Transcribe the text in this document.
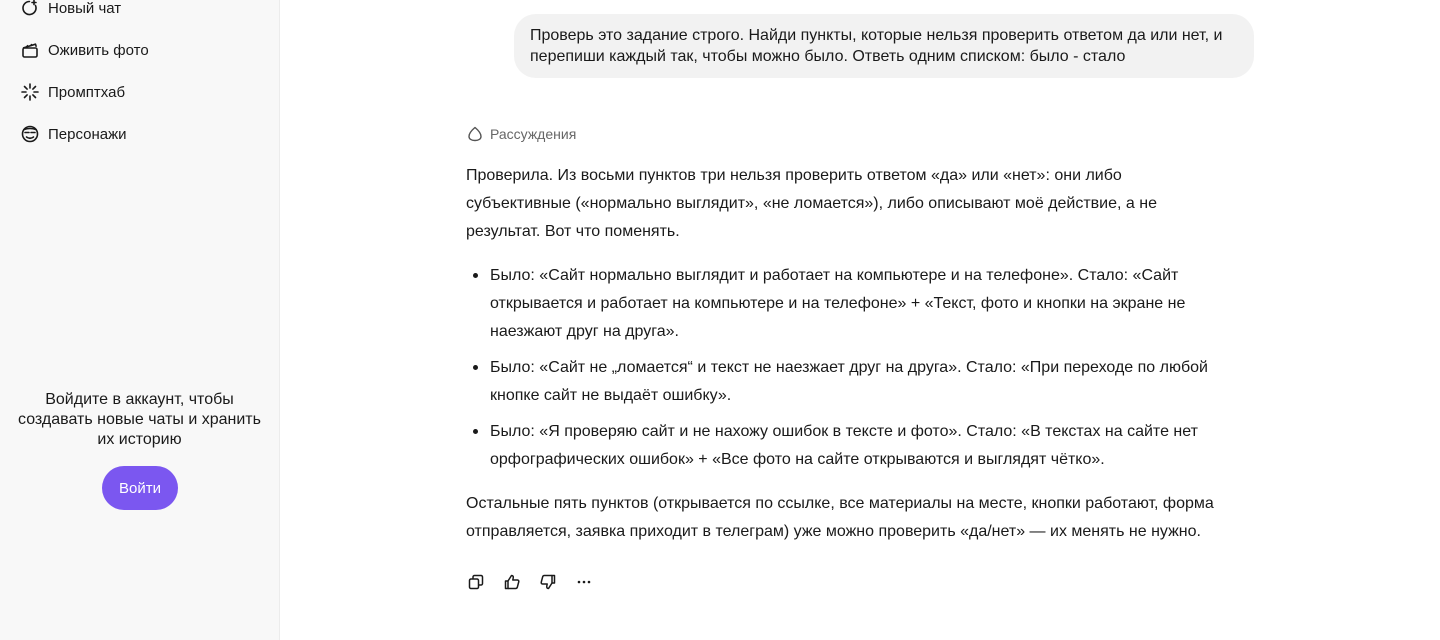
Новый чат
Оживить фото
Промптхаб
Персонажи
Войдите в аккаунт, чтобы
создавать новые чаты и хранить
их историю
Войти
Проверь это задание строго. Найди пункты, которые нельзя проверить ответом да или нет, и
перепиши каждый так, чтобы можно было. Ответь одним списком: было - стало
Рассуждения
Проверила. Из восьми пунктов три нельзя проверить ответом «да» или «нет»: они либо
субъективные («нормально выглядит», «не ломается»), либо описывают моё действие, а не
результат. Вот что поменять.
Было: «Сайт нормально выглядит и работает на компьютере и на телефоне». Стало: «Сайт
открывается и работает на компьютере и на телефоне» + «Текст, фото и кнопки на экране не
наезжают друг на друга».
Было: «Сайт не „ломается“ и текст не наезжает друг на друга». Стало: «При переходе по любой
кнопке сайт не выдаёт ошибку».
Было: «Я проверяю сайт и не нахожу ошибок в тексте и фото». Стало: «В текстах на сайте нет
орфографических ошибок» + «Все фото на сайте открываются и выглядят чётко».
Остальные пять пунктов (открывается по ссылке, все материалы на месте, кнопки работают, форма
отправляется, заявка приходит в телеграм) уже можно проверить «да/нет» — их менять не нужно.
